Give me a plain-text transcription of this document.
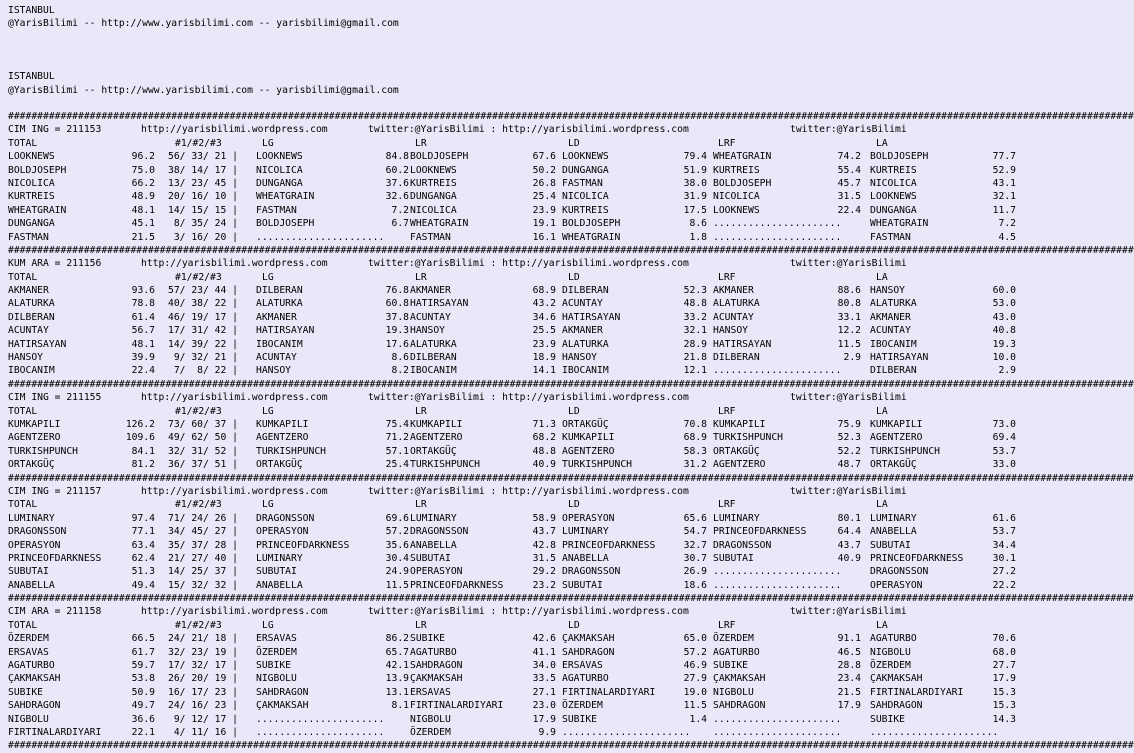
ISTANBUL
@YarisBilimi -- http://www.yarisbilimi.com -- yarisbilimi@gmail.com
ISTANBUL
@YarisBilimi -- http://www.yarisbilimi.com -- yarisbilimi@gmail.com
#################################################################################################################################################################################################
CIM ING = 211153	http://yarisbilimi.wordpress.com	twitter:@YarisBilimi : http://yarisbilimi.wordpress.com	twitter:@YarisBilimi
TOTAL	#1/#2/#3	LG	LR	LD	LRF	LA
LOOKNEWS	96.2 56/ 33/ 21 | LOOKNEWS	84.8 BOLDJOSEPH	67.6 LOOKNEWS	79.4 WHEATGRAIN	74.2 BOLDJOSEPH	77.7
BOLDJOSEPH	75.0 38/ 14/ 17 | NICOLICA	60.2 LOOKNEWS	50.2 DUNGANGA	51.9 KURTREIS	55.4 KURTREIS	52.9
NICOLICA	66.2 13/ 23/ 45 | DUNGANGA	37.6 KURTREIS	26.8 FASTMAN	38.0 BOLDJOSEPH	45.7 NICOLICA	43.1
KURTREIS	48.9 20/ 16/ 10 | WHEATGRAIN	32.6 DUNGANGA	25.4 NICOLICA	31.9 NICOLICA	31.5 LOOKNEWS	32.1
WHEATGRAIN	48.1 14/ 15/ 15 | FASTMAN	7.2 NICOLICA	23.9 KURTREIS	17.5 LOOKNEWS	22.4 DUNGANGA	11.7
DUNGANGA	45.1 8/ 35/ 24 | BOLDJOSEPH	6.7 WHEATGRAIN	19.1 BOLDJOSEPH	8.6 ......................	WHEATGRAIN	7.2
FASTMAN	21.5 3/ 16/ 20 | ......................	FASTMAN	16.1 WHEATGRAIN	1.8 ......................	FASTMAN	4.5
#################################################################################################################################################################################################
KUM ARA = 211156	http://yarisbilimi.wordpress.com	twitter:@YarisBilimi : http://yarisbilimi.wordpress.com	twitter:@YarisBilimi
TOTAL	#1/#2/#3	LG	LR	LD	LRF	LA
AKMANER	93.6 57/ 23/ 44 | DILBERAN	76.8 AKMANER	68.9 DILBERAN	52.3 AKMANER	88.6 HANSOY	60.0
ALATURKA	78.8 40/ 38/ 22 | ALATURKA	60.8 HATIRSAYAN	43.2 ACUNTAY	48.8 ALATURKA	80.8 ALATURKA	53.0
DILBERAN	61.4 46/ 19/ 17 | AKMANER	37.8 ACUNTAY	34.6 HATIRSAYAN	33.2 ACUNTAY	33.1 AKMANER	43.0
ACUNTAY	56.7 17/ 31/ 42 | HATIRSAYAN	19.3 HANSOY	25.5 AKMANER	32.1 HANSOY	12.2 ACUNTAY	40.8
HATIRSAYAN	48.1 14/ 39/ 22 | IBOCANIM	17.6 ALATURKA	23.9 ALATURKA	28.9 HATIRSAYAN	11.5 IBOCANIM	19.3
HANSOY	39.9 9/ 32/ 21 | ACUNTAY	8.6 DILBERAN	18.9 HANSOY	21.8 DILBERAN	2.9 HATIRSAYAN	10.0
IBOCANIM	22.4 7/  8/ 22 | HANSOY	8.2 IBOCANIM	14.1 IBOCANIM	12.1 ......................	DILBERAN	2.9
#################################################################################################################################################################################################
CIM ING = 211155	http://yarisbilimi.wordpress.com	twitter:@YarisBilimi : http://yarisbilimi.wordpress.com	twitter:@YarisBilimi
TOTAL	#1/#2/#3	LG	LR	LD	LRF	LA
KUMKAPILI	126.2 73/ 60/ 37 | KUMKAPILI	75.4 KUMKAPILI	71.3 ORTAKGÜÇ	70.8 KUMKAPILI	75.9 KUMKAPILI	73.0
AGENTZERO	109.6 49/ 62/ 50 | AGENTZERO	71.2 AGENTZERO	68.2 KUMKAPILI	68.9 TURKISHPUNCH	52.3 AGENTZERO	69.4
TURKISHPUNCH	84.1 32/ 31/ 52 | TURKISHPUNCH	57.1 ORTAKGÜÇ	48.8 AGENTZERO	58.3 ORTAKGÜÇ	52.2 TURKISHPUNCH	53.7
ORTAKGÜÇ	81.2 36/ 37/ 51 | ORTAKGÜÇ	25.4 TURKISHPUNCH	40.9 TURKISHPUNCH	31.2 AGENTZERO	48.7 ORTAKGÜÇ	33.0
#################################################################################################################################################################################################
CIM ING = 211157	http://yarisbilimi.wordpress.com	twitter:@YarisBilimi : http://yarisbilimi.wordpress.com	twitter:@YarisBilimi
TOTAL	#1/#2/#3	LG	LR	LD	LRF	LA
LUMINARY	97.4 71/ 24/ 26 | DRAGONSSON	69.6 LUMINARY	58.9 OPERASYON	65.6 LUMINARY	80.1 LUMINARY	61.6
DRAGONSSON	77.1 34/ 45/ 27 | OPERASYON	57.2 DRAGONSSON	43.7 LUMINARY	54.7 PRINCEOFDARKNESS	64.4 ANABELLA	53.7
OPERASYON	63.4 35/ 37/ 28 | PRINCEOFDARKNESS	35.6 ANABELLA	42.8 PRINCEOFDARKNESS	32.7 DRAGONSSON	43.7 SUBUTAI	34.4
PRINCEOFDARKNESS	62.4 21/ 27/ 40 | LUMINARY	30.4 SUBUTAI	31.5 ANABELLA	30.7 SUBUTAI	40.9 PRINCEOFDARKNESS	30.1
SUBUTAI	51.3 14/ 25/ 37 | SUBUTAI	24.9 OPERASYON	29.2 DRAGONSSON	26.9 ......................	DRAGONSSON	27.2
ANABELLA	49.4 15/ 32/ 32 | ANABELLA	11.5 PRINCEOFDARKNESS	23.2 SUBUTAI	18.6 ......................	OPERASYON	22.2
#################################################################################################################################################################################################
CIM ARA = 211158	http://yarisbilimi.wordpress.com	twitter:@YarisBilimi : http://yarisbilimi.wordpress.com	twitter:@YarisBilimi
TOTAL	#1/#2/#3	LG	LR	LD	LRF	LA
ÖZERDEM	66.5 24/ 21/ 18 | ERSAVAS	86.2 SUBIKE	42.6 ÇAKMAKSAH	65.0 ÖZERDEM	91.1 AGATURBO	70.6
ERSAVAS	61.7 32/ 23/ 19 | ÖZERDEM	65.7 AGATURBO	41.1 SAHDRAGON	57.2 AGATURBO	46.5 NIGBOLU	68.0
AGATURBO	59.7 17/ 32/ 17 | SUBIKE	42.1 SAHDRAGON	34.0 ERSAVAS	46.9 SUBIKE	28.8 ÖZERDEM	27.7
ÇAKMAKSAH	53.8 26/ 20/ 19 | NIGBOLU	13.9 ÇAKMAKSAH	33.5 AGATURBO	27.9 ÇAKMAKSAH	23.4 ÇAKMAKSAH	17.9
SUBIKE	50.9 16/ 17/ 23 | SAHDRAGON	13.1 ERSAVAS	27.1 FIRTINALARDIYARI	19.0 NIGBOLU	21.5 FIRTINALARDIYARI	15.3
SAHDRAGON	49.7 24/ 16/ 23 | ÇAKMAKSAH	8.1 FIRTINALARDIYARI	23.0 ÖZERDEM	11.5 SAHDRAGON	17.9 SAHDRAGON	15.3
NIGBOLU	36.6 9/ 12/ 17 | ......................	NIGBOLU	17.9 SUBIKE	1.4 ......................	SUBIKE	14.3
FIRTINALARDIYARI	22.1 4/ 11/ 16 | ......................	ÖZERDEM	9.9 ...................... ......................	......................
#################################################################################################################################################################################################
